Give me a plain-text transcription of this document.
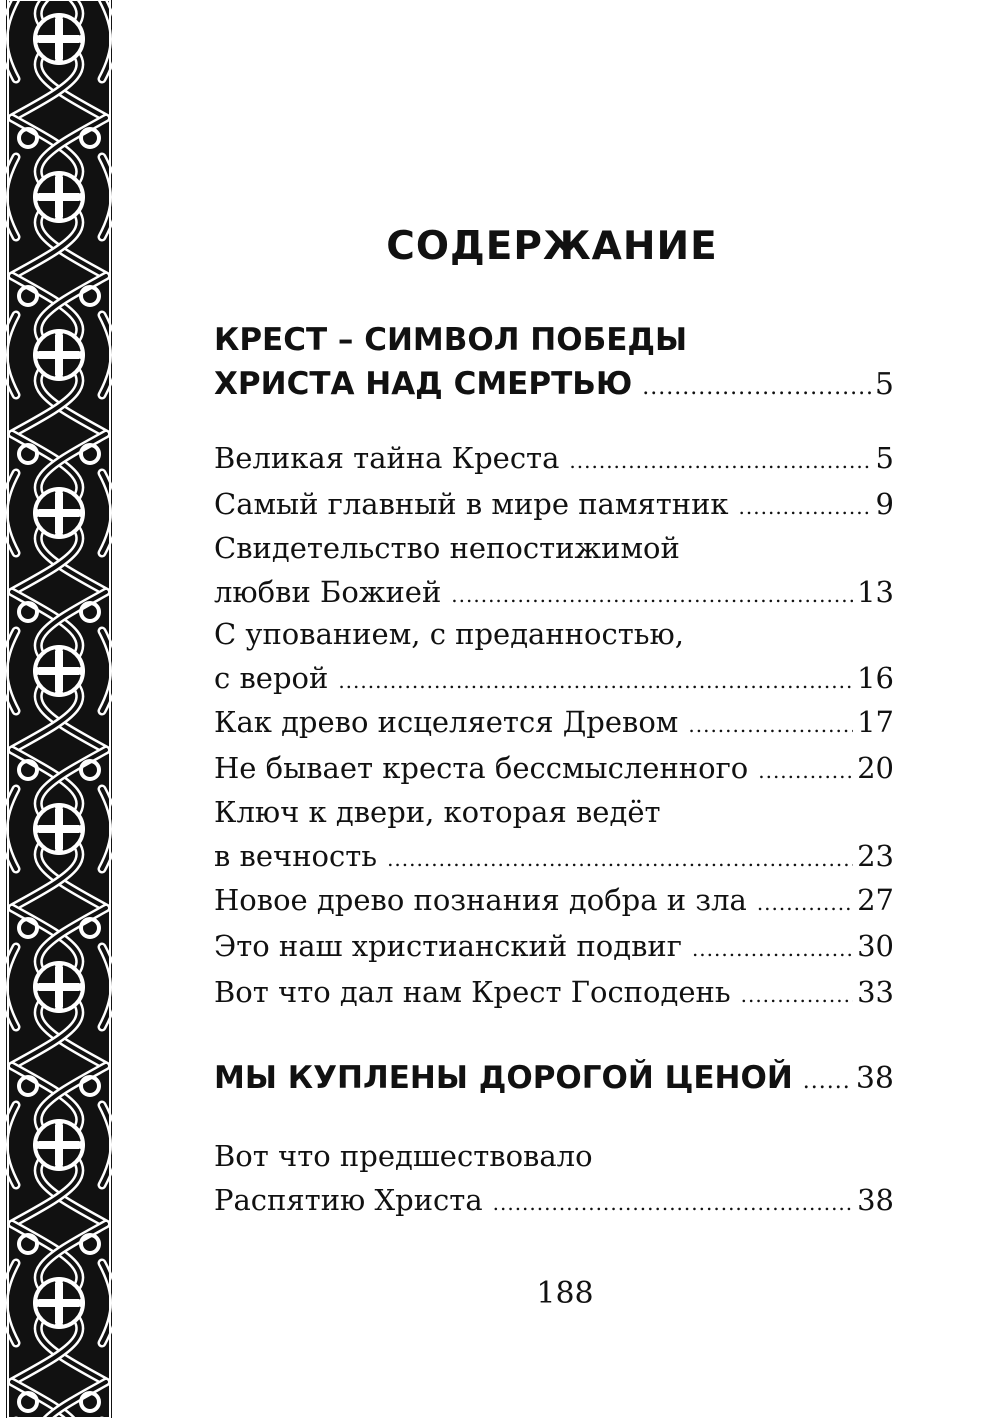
СОДЕРЖАНИЕ
КРЕСТ – СИМВОЛ ПОБЕДЫ
ХРИСТА НАД СМЕРТЬЮ .....	5
Великая тайна Креста .....	5
Самый главный в мире памятник .....	9
Свидетельство непостижимой
любви Божией .....	13
С упованием, с преданностью,
с верой .....	16
Как древо исцеляется Древом .....	17
Не бывает креста бессмысленного .....	20
Ключ к двери, которая ведёт
в вечность .....	23
Новое древо познания добра и зла .....	27
Это наш христианский подвиг .....	30
Вот что дал нам Крест Господень .....	33
МЫ КУПЛЕНЫ ДОРОГОЙ ЦЕНОЙ ..... 38
Вот что предшествовало
Распятию Христа .....	38

188
